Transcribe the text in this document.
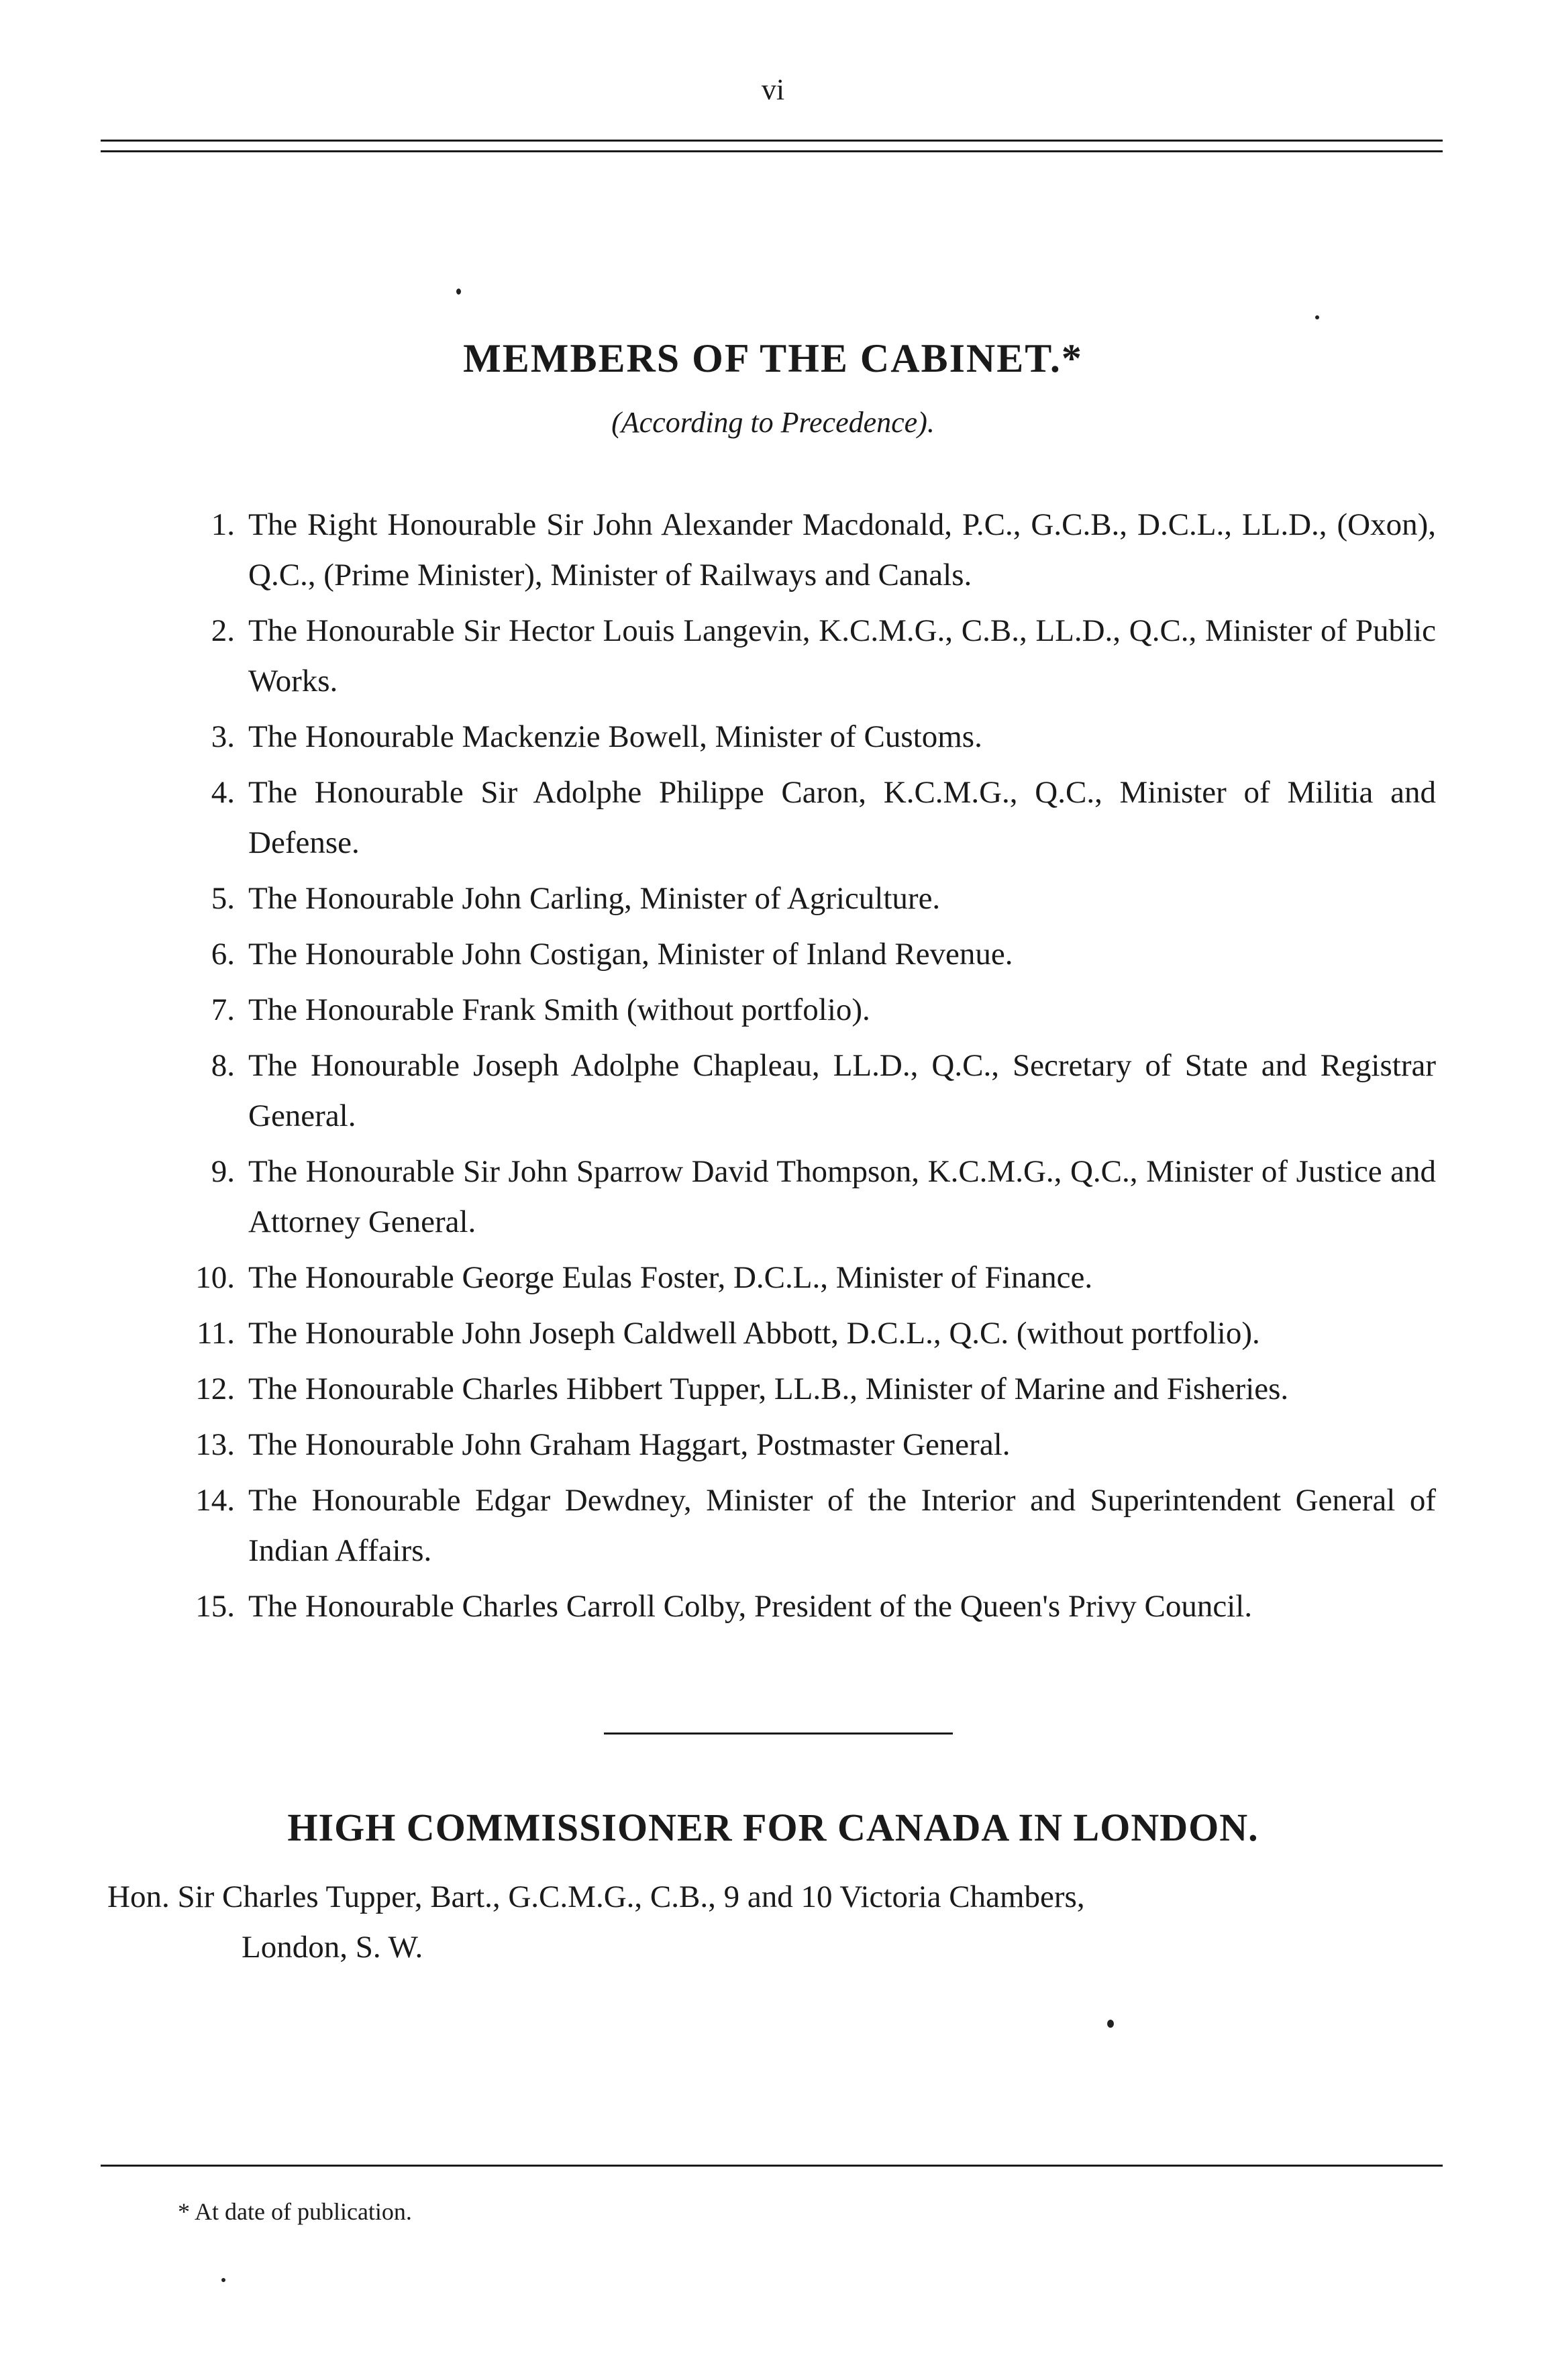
vi
MEMBERS OF THE CABINET.*
(According to Precedence).
1. The Right Honourable Sir John Alexander Macdonald, P.C., G.C.B., D.C.L., LL.D., (Oxon), Q.C., (Prime Minister), Minister of Railways and Canals.
2. The Honourable Sir Hector Louis Langevin, K.C.M.G., C.B., LL.D., Q.C., Minister of Public Works.
3. The Honourable Mackenzie Bowell, Minister of Customs.
4. The Honourable Sir Adolphe Philippe Caron, K.C.M.G., Q.C., Minister of Militia and Defense.
5. The Honourable John Carling, Minister of Agriculture.
6. The Honourable John Costigan, Minister of Inland Revenue.
7. The Honourable Frank Smith (without portfolio).
8. The Honourable Joseph Adolphe Chapleau, LL.D., Q.C., Secretary of State and Registrar General.
9. The Honourable Sir John Sparrow David Thompson, K.C.M.G., Q.C., Minister of Justice and Attorney General.
10. The Honourable George Eulas Foster, D.C.L., Minister of Finance.
11. The Honourable John Joseph Caldwell Abbott, D.C.L., Q.C. (without portfolio).
12. The Honourable Charles Hibbert Tupper, LL.B., Minister of Marine and Fisheries.
13. The Honourable John Graham Haggart, Postmaster General.
14. The Honourable Edgar Dewdney, Minister of the Interior and Superintendent General of Indian Affairs.
15. The Honourable Charles Carroll Colby, President of the Queen's Privy Council.
HIGH COMMISSIONER FOR CANADA IN LONDON.
Hon. Sir Charles Tupper, Bart., G.C.M.G., C.B., 9 and 10 Victoria Chambers,
London, S. W.
* At date of publication.
